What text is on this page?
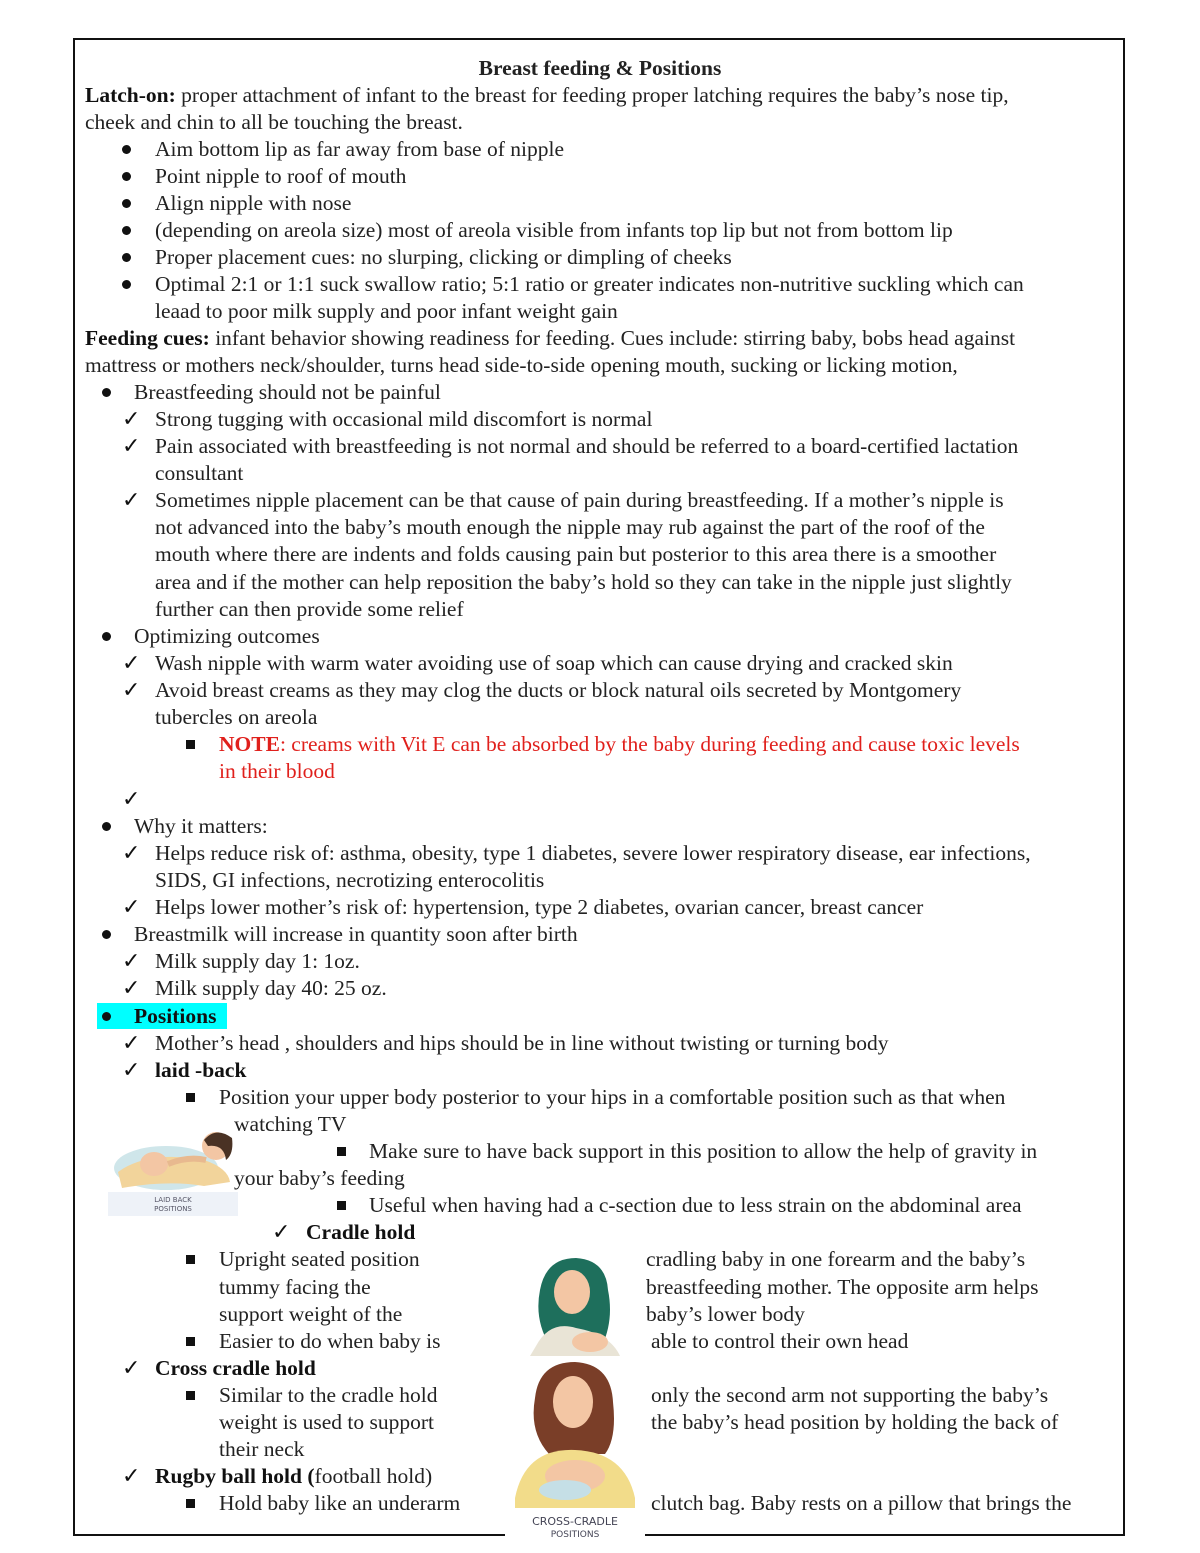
Breast feeding & Positions
Latch-on: proper attachment of infant to the breast for feeding proper latching requires the baby’s nose tip,
cheek and chin to all be touching the breast.
Aim bottom lip as far away from base of nipple
Point nipple to roof of mouth
Align nipple with nose
(depending on areola size) most of areola visible from infants top lip but not from bottom lip
Proper placement cues: no slurping, clicking or dimpling of cheeks
Optimal 2:1 or 1:1 suck swallow ratio; 5:1 ratio or greater indicates non-nutritive suckling which can
leaad to poor milk supply and poor infant weight gain
Feeding cues: infant behavior showing readiness for feeding. Cues include: stirring baby, bobs head against
mattress or mothers neck/shoulder, turns head side-to-side opening mouth, sucking or licking motion,
Breastfeeding should not be painful
✓ Strong tugging with occasional mild discomfort is normal
✓ Pain associated with breastfeeding is not normal and should be referred to a board-certified lactation
consultant
✓ Sometimes nipple placement can be that cause of pain during breastfeeding. If a mother’s nipple is
not advanced into the baby’s mouth enough the nipple may rub against the part of the roof of the
mouth where there are indents and folds causing pain but posterior to this area there is a smoother
area and if the mother can help reposition the baby’s hold so they can take in the nipple just slightly
further can then provide some relief
Optimizing outcomes
✓ Wash nipple with warm water avoiding use of soap which can cause drying and cracked skin
✓ Avoid breast creams as they may clog the ducts or block natural oils secreted by Montgomery
tubercles on areola
NOTE: creams with Vit E can be absorbed by the baby during feeding and cause toxic levels
in their blood
✓
Why it matters:
✓ Helps reduce risk of: asthma, obesity, type 1 diabetes, severe lower respiratory disease, ear infections,
SIDS, GI infections, necrotizing enterocolitis
✓ Helps lower mother’s risk of: hypertension, type 2 diabetes, ovarian cancer, breast cancer
Breastmilk will increase in quantity soon after birth
✓ Milk supply day 1: 1oz.
✓ Milk supply day 40: 25 oz.
Positions
✓ Mother’s head , shoulders and hips should be in line without twisting or turning body
✓ laid -back
Position your upper body posterior to your hips in a comfortable position such as that when
watching TV
Make sure to have back support in this position to allow the help of gravity in
your baby’s feeding
Useful when having had a c-section due to less strain on the abdominal area
LAID BACK
POSITIONS
✓ Cradle hold
Upright seated position	cradling baby in one forearm and the baby’s
tummy facing the	breastfeeding mother. The opposite arm helps
support weight of the	baby’s lower body
Easier to do when baby is	able to control their own head
✓ Cross cradle hold
Similar to the cradle hold	only the second arm not supporting the baby’s
weight is used to support	the baby’s head position by holding the back of
their neck
CROSS-CRADLE
POSITIONS
✓ Rugby ball hold (football hold)
Hold baby like an underarm	clutch bag. Baby rests on a pillow that brings the
